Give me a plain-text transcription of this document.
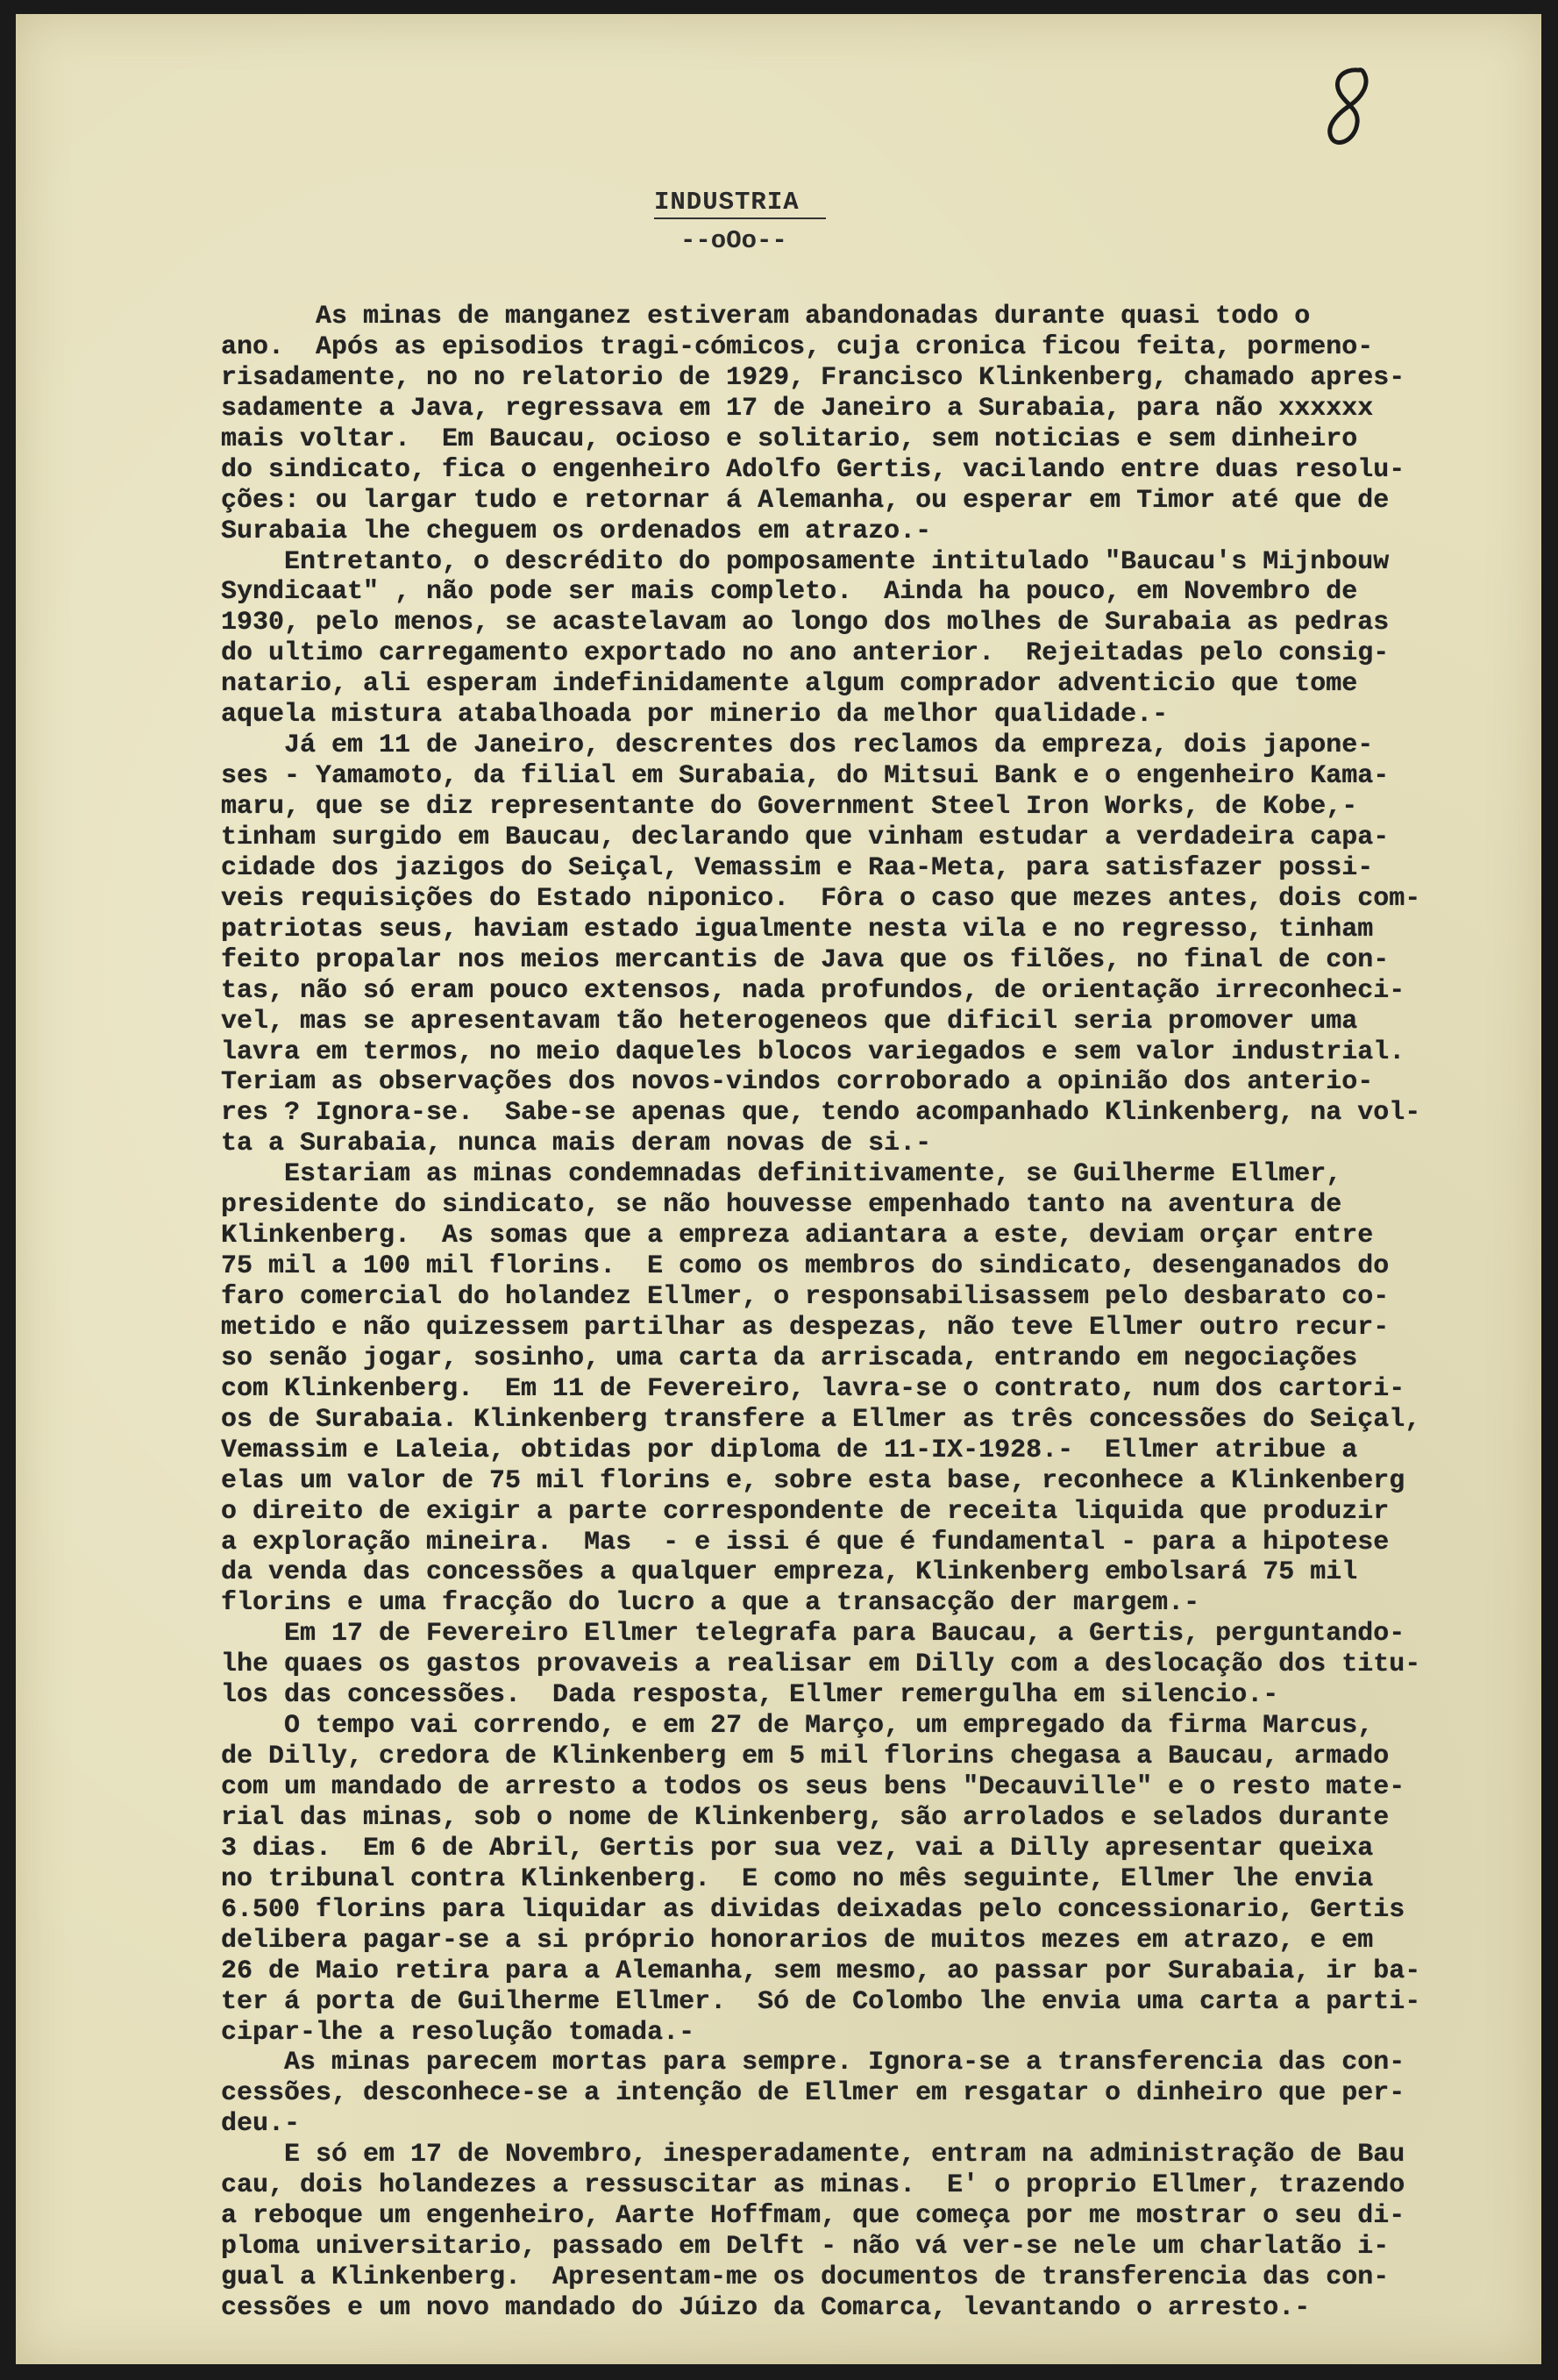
INDUSTRIA
--oOo--
As minas de manganez estiveram abandonadas durante quasi todo o
ano.  Após as episodios tragi-cómicos, cuja cronica ficou feita, pormeno-
risadamente, no no relatorio de 1929, Francisco Klinkenberg, chamado apres-
sadamente a Java, regressava em 17 de Janeiro a Surabaia, para não xxxxxx
mais voltar.  Em Baucau, ocioso e solitario, sem noticias e sem dinheiro
do sindicato, fica o engenheiro Adolfo Gertis, vacilando entre duas resolu-
ções: ou largar tudo e retornar á Alemanha, ou esperar em Timor até que de
Surabaia lhe cheguem os ordenados em atrazo.-
Entretanto, o descrédito do pomposamente intitulado "Baucau's Mijnbouw
Syndicaat" , não pode ser mais completo.  Ainda ha pouco, em Novembro de
1930, pelo menos, se acastelavam ao longo dos molhes de Surabaia as pedras
do ultimo carregamento exportado no ano anterior.  Rejeitadas pelo consig-
natario, ali esperam indefinidamente algum comprador adventicio que tome
aquela mistura atabalhoada por minerio da melhor qualidade.-
Já em 11 de Janeiro, descrentes dos reclamos da empreza, dois japone-
ses - Yamamoto, da filial em Surabaia, do Mitsui Bank e o engenheiro Kama-
maru, que se diz representante do Government Steel Iron Works, de Kobe,-
tinham surgido em Baucau, declarando que vinham estudar a verdadeira capa-
cidade dos jazigos do Seiçal, Vemassim e Raa-Meta, para satisfazer possi-
veis requisições do Estado niponico.  Fôra o caso que mezes antes, dois com-
patriotas seus, haviam estado igualmente nesta vila e no regresso, tinham
feito propalar nos meios mercantis de Java que os filões, no final de con-
tas, não só eram pouco extensos, nada profundos, de orientação irreconheci-
vel, mas se apresentavam tão heterogeneos que dificil seria promover uma
lavra em termos, no meio daqueles blocos variegados e sem valor industrial.
Teriam as observações dos novos-vindos corroborado a opinião dos anterio-
res ? Ignora-se.  Sabe-se apenas que, tendo acompanhado Klinkenberg, na vol-
ta a Surabaia, nunca mais deram novas de si.-
Estariam as minas condemnadas definitivamente, se Guilherme Ellmer,
presidente do sindicato, se não houvesse empenhado tanto na aventura de
Klinkenberg.  As somas que a empreza adiantara a este, deviam orçar entre
75 mil a 100 mil florins.  E como os membros do sindicato, desenganados do
faro comercial do holandez Ellmer, o responsabilisassem pelo desbarato co-
metido e não quizessem partilhar as despezas, não teve Ellmer outro recur-
so senão jogar, sosinho, uma carta da arriscada, entrando em negociações
com Klinkenberg.  Em 11 de Fevereiro, lavra-se o contrato, num dos cartori-
os de Surabaia. Klinkenberg transfere a Ellmer as três concessões do Seiçal,
Vemassim e Laleia, obtidas por diploma de 11-IX-1928.-  Ellmer atribue a
elas um valor de 75 mil florins e, sobre esta base, reconhece a Klinkenberg
o direito de exigir a parte correspondente de receita liquida que produzir
a exploração mineira.  Mas  - e issi é que é fundamental - para a hipotese
da venda das concessões a qualquer empreza, Klinkenberg embolsará 75 mil
florins e uma fracção do lucro a que a transacção der margem.-
Em 17 de Fevereiro Ellmer telegrafa para Baucau, a Gertis, perguntando-
lhe quaes os gastos provaveis a realisar em Dilly com a deslocação dos titu-
los das concessões.  Dada resposta, Ellmer remergulha em silencio.-
O tempo vai correndo, e em 27 de Março, um empregado da firma Marcus,
de Dilly, credora de Klinkenberg em 5 mil florins chegasa a Baucau, armado
com um mandado de arresto a todos os seus bens "Decauville" e o resto mate-
rial das minas, sob o nome de Klinkenberg, são arrolados e selados durante
3 dias.  Em 6 de Abril, Gertis por sua vez, vai a Dilly apresentar queixa
no tribunal contra Klinkenberg.  E como no mês seguinte, Ellmer lhe envia
6.500 florins para liquidar as dividas deixadas pelo concessionario, Gertis
delibera pagar-se a si próprio honorarios de muitos mezes em atrazo, e em
26 de Maio retira para a Alemanha, sem mesmo, ao passar por Surabaia, ir ba-
ter á porta de Guilherme Ellmer.  Só de Colombo lhe envia uma carta a parti-
cipar-lhe a resolução tomada.-
As minas parecem mortas para sempre. Ignora-se a transferencia das con-
cessões, desconhece-se a intenção de Ellmer em resgatar o dinheiro que per-
deu.-
E só em 17 de Novembro, inesperadamente, entram na administração de Bau
cau, dois holandezes a ressuscitar as minas.  E' o proprio Ellmer, trazendo
a reboque um engenheiro, Aarte Hoffmam, que começa por me mostrar o seu di-
ploma universitario, passado em Delft - não vá ver-se nele um charlatão i-
gual a Klinkenberg.  Apresentam-me os documentos de transferencia das con-
cessões e um novo mandado do Júizo da Comarca, levantando o arresto.-
